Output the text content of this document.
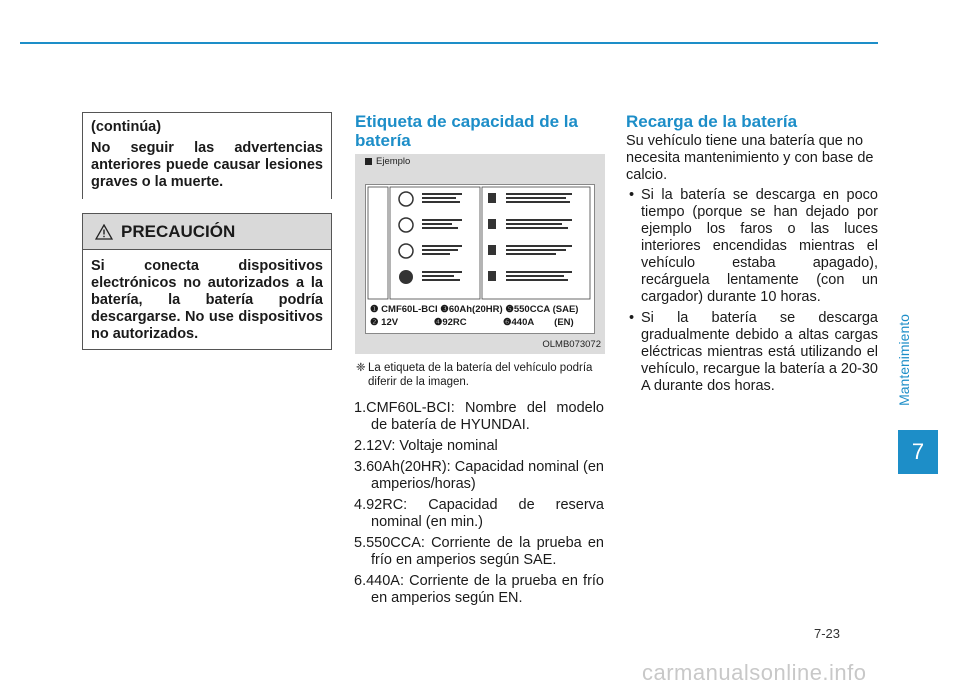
(continúa)

No seguir las advertencias anteriores puede causar lesiones graves o la muerte.

PRECAUCIÓN
Si conecta dispositivos electrónicos no autorizados a la batería, la batería podría descargarse. No use dispositivos no autorizados.
Etiqueta de capacidad de la batería
Ejemplo
❶ CMF60L-BCI ❸60Ah(20HR) ❺550CCA (SAE)
❷ 12V	❹92RC	❻440A (EN)
OLMB073072
❈ La etiqueta de la batería del vehículo podría diferir de la imagen.
1.CMF60L-BCI: Nombre del modelo de batería de HYUNDAI.
2.12V: Voltaje nominal
3.60Ah(20HR): Capacidad nominal (en amperios/horas)
4.92RC: Capacidad de reserva nominal (en min.)
5.550CCA: Corriente de la prueba en frío en amperios según SAE.
6.440A: Corriente de la prueba en frío en amperios según EN.
Recarga de la batería

Su vehículo tiene una batería que no necesita mantenimiento y con base de calcio.

• Si la batería se descarga en poco tiempo (porque se han dejado por ejemplo los faros o las luces interiores encendidas mientras el vehículo estaba apagado), recárguela lentamente (con un cargador) durante 10 horas.
• Si la batería se descarga gradualmente debido a altas cargas eléctricas mientras está utilizando el vehículo, recargue la batería a 20-30 A durante dos horas.	Mantenimiento
7
7-23
carmanualsonline.info
